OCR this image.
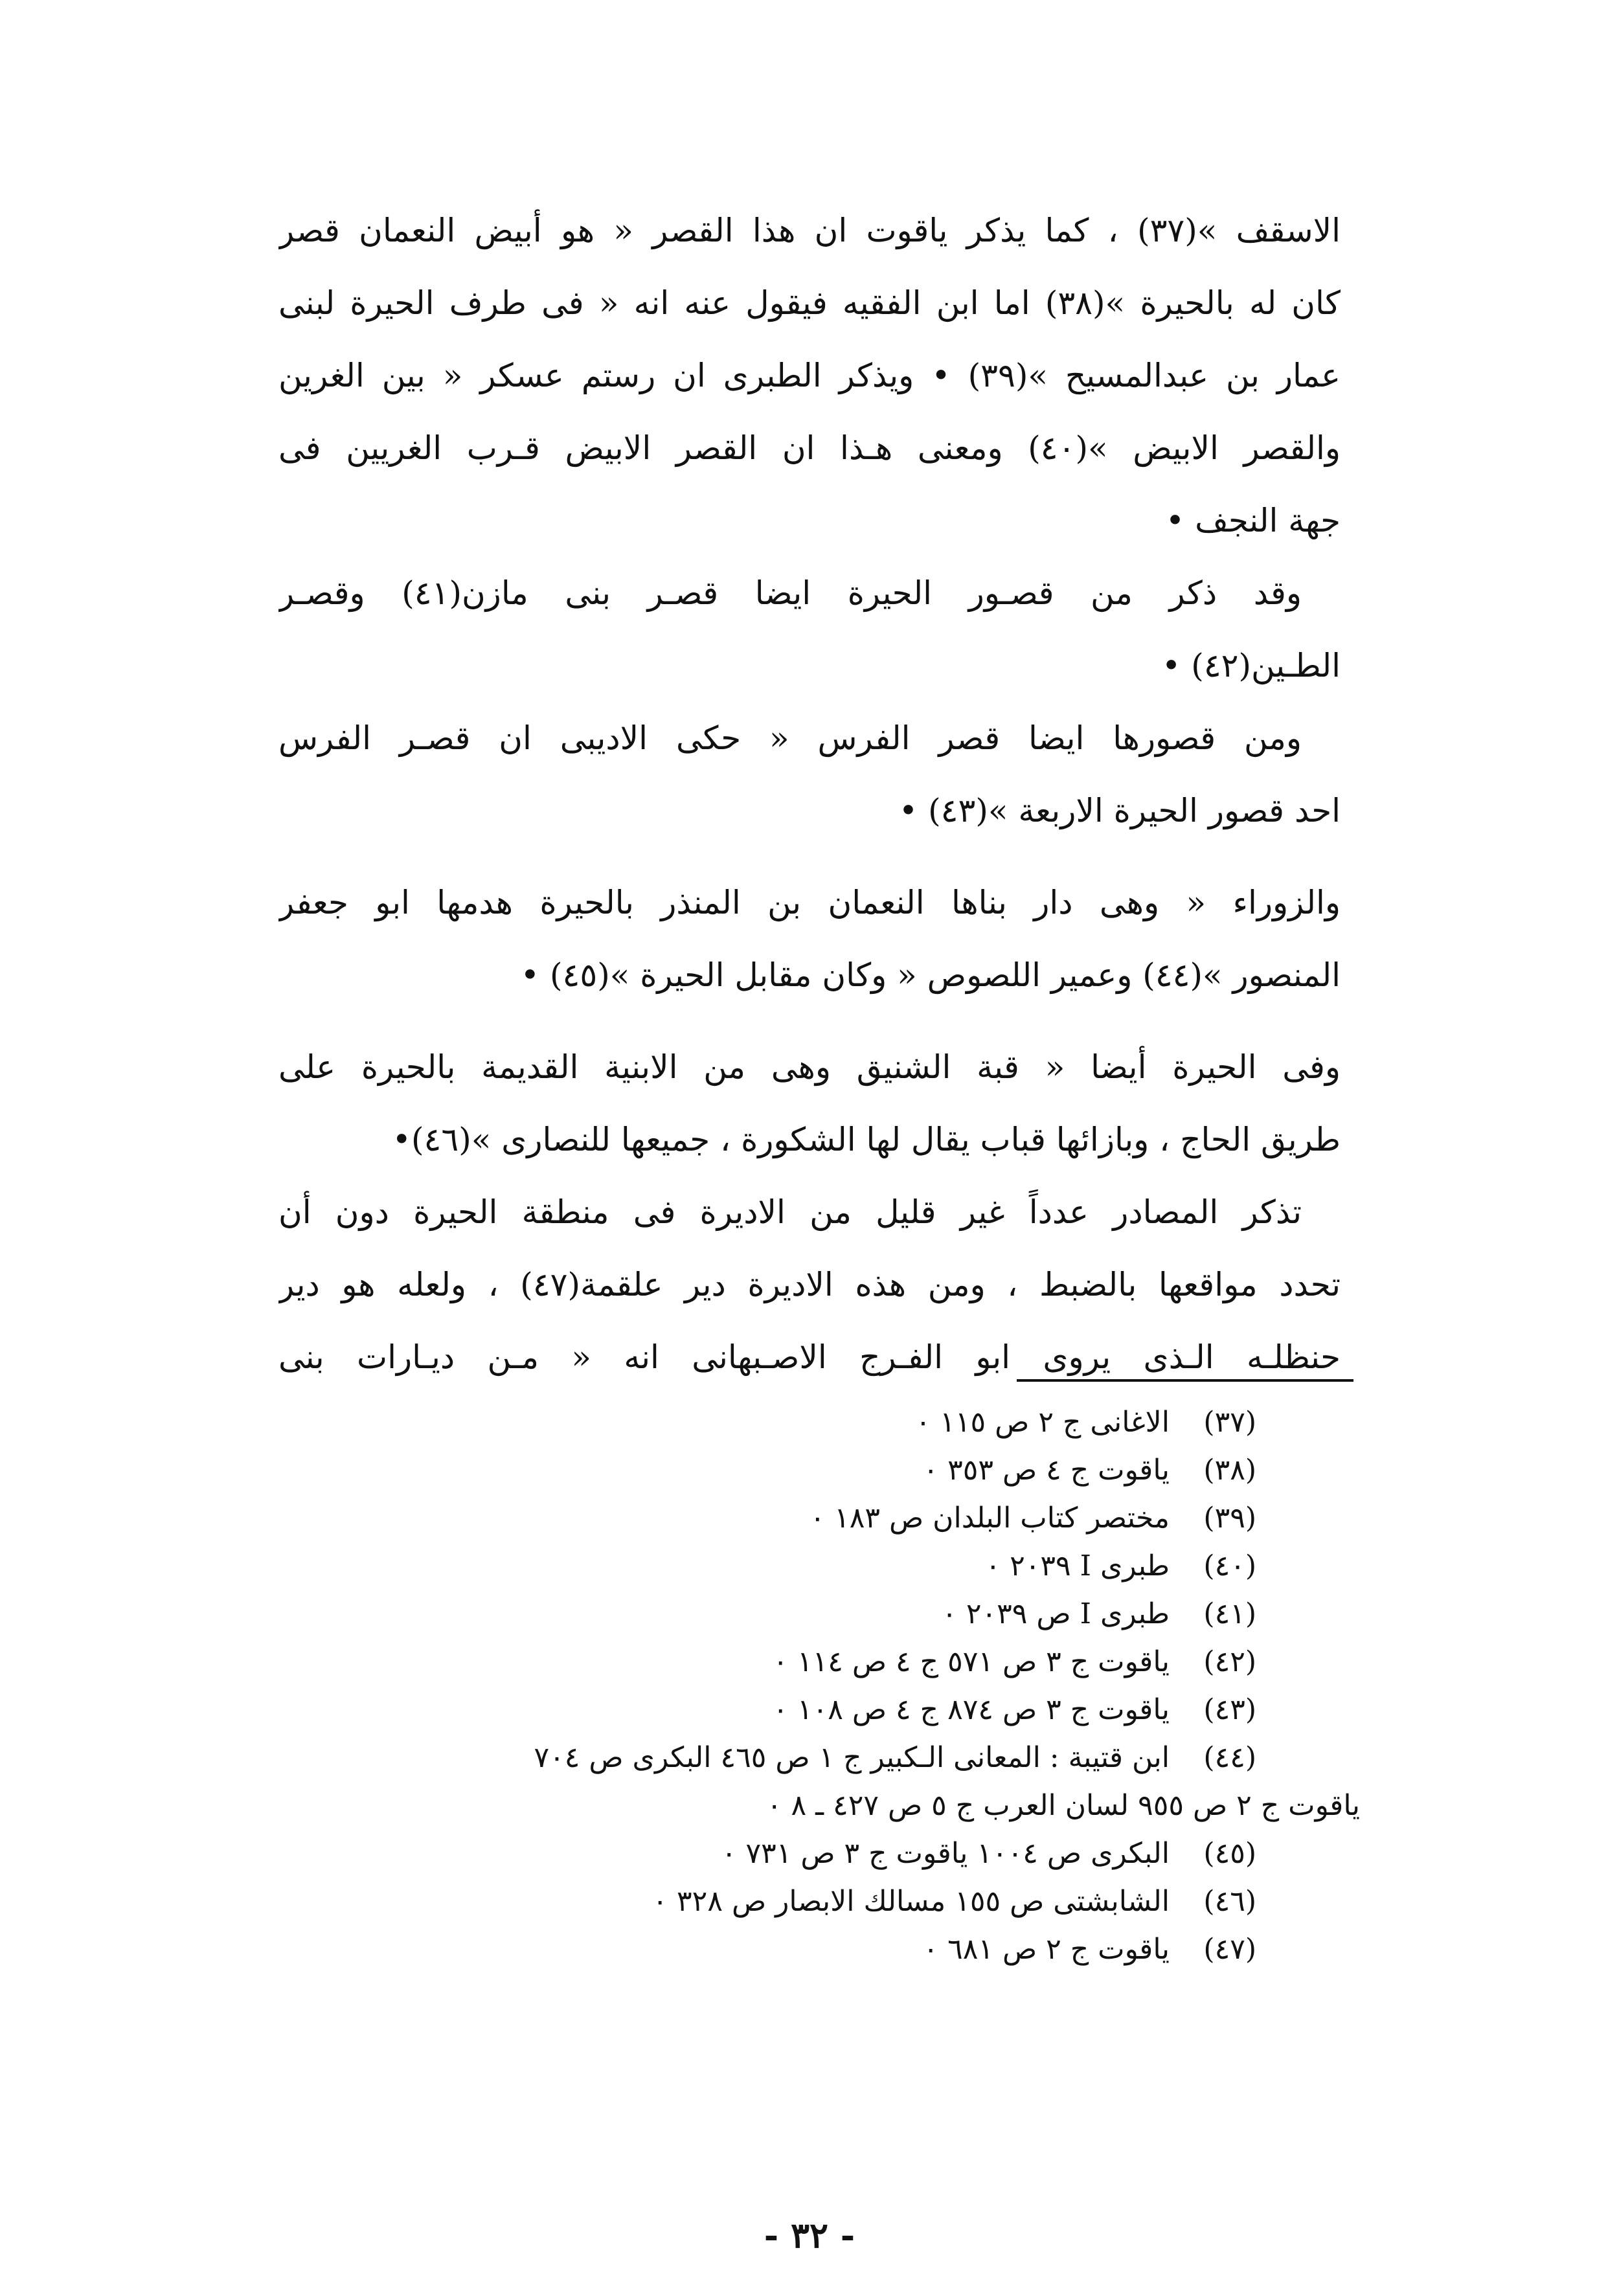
الاسقف »(٣٧) ، كما يذكر ياقوت ان هذا القصر « هو أبيض النعمان قصر
كان له بالحيرة »(٣٨) اما ابن الفقيه فيقول عنه انه « فى طرف الحيرة لبنى
عمار بن عبدالمسيح »(٣٩) • ويذكر الطبرى ان رستم عسكر « بين الغرين
والقصر الابيض »(٤٠) ومعنى هـذا ان القصر الابيض قـرب الغريين فى
جهة النجف •
وقد ذكر من قصـور الحيرة ايضا قصـر بنى مازن(٤١) وقصـر
الطـين(٤٢) •
ومن قصورها ايضا قصر الفرس « حكى الاديبى ان قصـر الفرس
احد قصور الحيرة الاربعة »(٤٣) •
والزوراء « وهى دار بناها النعمان بن المنذر بالحيرة هدمها ابو جعفر
المنصور »(٤٤) وعمير اللصوص « وكان مقابل الحيرة »(٤٥) •
وفى الحيرة أيضا « قبة الشنيق وهى من الابنية القديمة بالحيرة على
طريق الحاج ، وبازائها قباب يقال لها الشكورة ، جميعها للنصارى »(٤٦)•
تذكر المصادر عدداً غير قليل من الاديرة فى منطقة الحيرة دون أن
تحدد مواقعها بالضبط ، ومن هذه الاديرة دير علقمة(٤٧) ، ولعله هو دير
حنظلـه الـذى يروى ابو الفـرج الاصـبهانى انه « مـن ديـارات بنى
(٣٧) الاغانى ج ٢ ص ١١٥ ٠
(٣٨) ياقوت ج ٤ ص ٣٥٣ ٠
(٣٩) مختصر كتاب البلدان ص ١٨٣ ٠
(٤٠) طبرى I ٢٠٣٩ ٠
(٤١) طبرى I ص ٢٠٣٩ ٠
(٤٢) ياقوت ج ٣ ص ٥٧١ ج ٤ ص ١١٤ ٠
(٤٣) ياقوت ج ٣ ص ٨٧٤ ج ٤ ص ١٠٨ ٠
(٤٤) ابن قتيبة : المعانى الـكبير ج ١ ص ٤٦٥ البكرى ص ٧٠٤
ياقوت ج ٢ ص ٩٥٥ لسان العرب ج ٥ ص ٤٢٧ ـ ٨ ٠
(٤٥) البكرى ص ١٠٠٤ ياقوت ج ٣ ص ٧٣١ ٠
(٤٦) الشابشتى ص ١٥٥ مسالك الابصار ص ٣٢٨ ٠
(٤٧) ياقوت ج ٢ ص ٦٨١ ٠
- ٣٢ -
